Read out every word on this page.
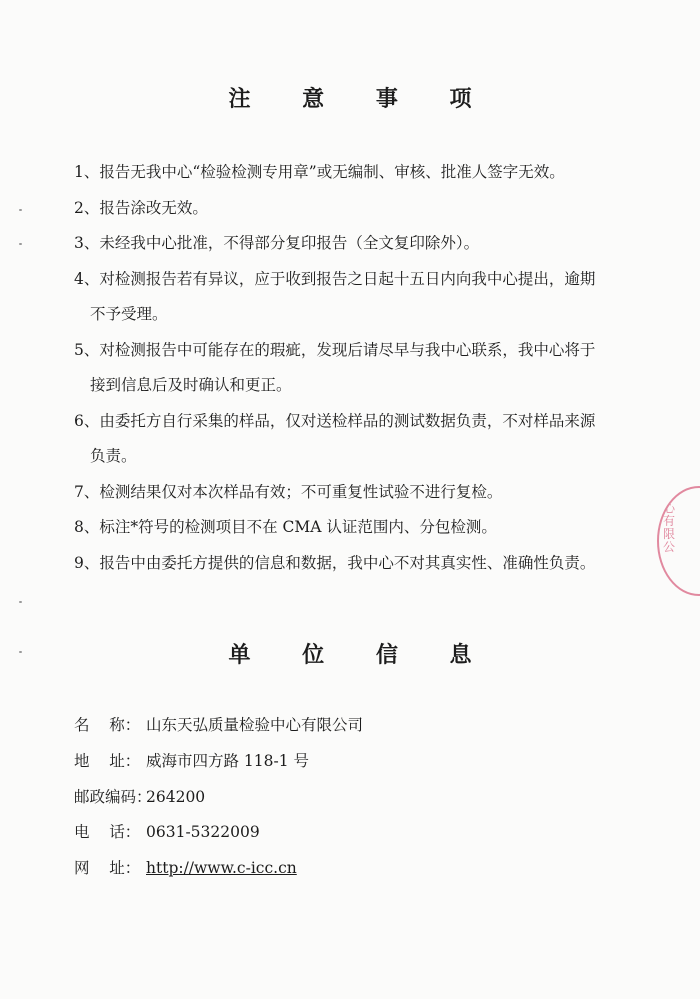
注 意 事 项
1、报告无我中心“检验检测专用章”或无编制、审核、批准人签字无效。
2、报告涂改无效。
3、未经我中心批准，不得部分复印报告（全文复印除外）。
4、对检测报告若有异议，应于收到报告之日起十五日内向我中心提出，逾期
不予受理。
5、对检测报告中可能存在的瑕疵，发现后请尽早与我中心联系，我中心将于
接到信息后及时确认和更正。
6、由委托方自行采集的样品，仅对送检样品的测试数据负责，不对样品来源
负责。
7、检测结果仅对本次样品有效；不可重复性试验不进行复检。
8、标注*符号的检测项目不在 CMA 认证范围内、分包检测。
9、报告中由委托方提供的信息和数据，我中心不对其真实性、准确性负责。
单 位 信 息
名    称： 山东天弘质量检验中心有限公司
地    址： 威海市四方路 118-1 号
邮政编码：
264200
电    话： 0631-5322009
网    址： http://www.c-icc.cn
心有限公
